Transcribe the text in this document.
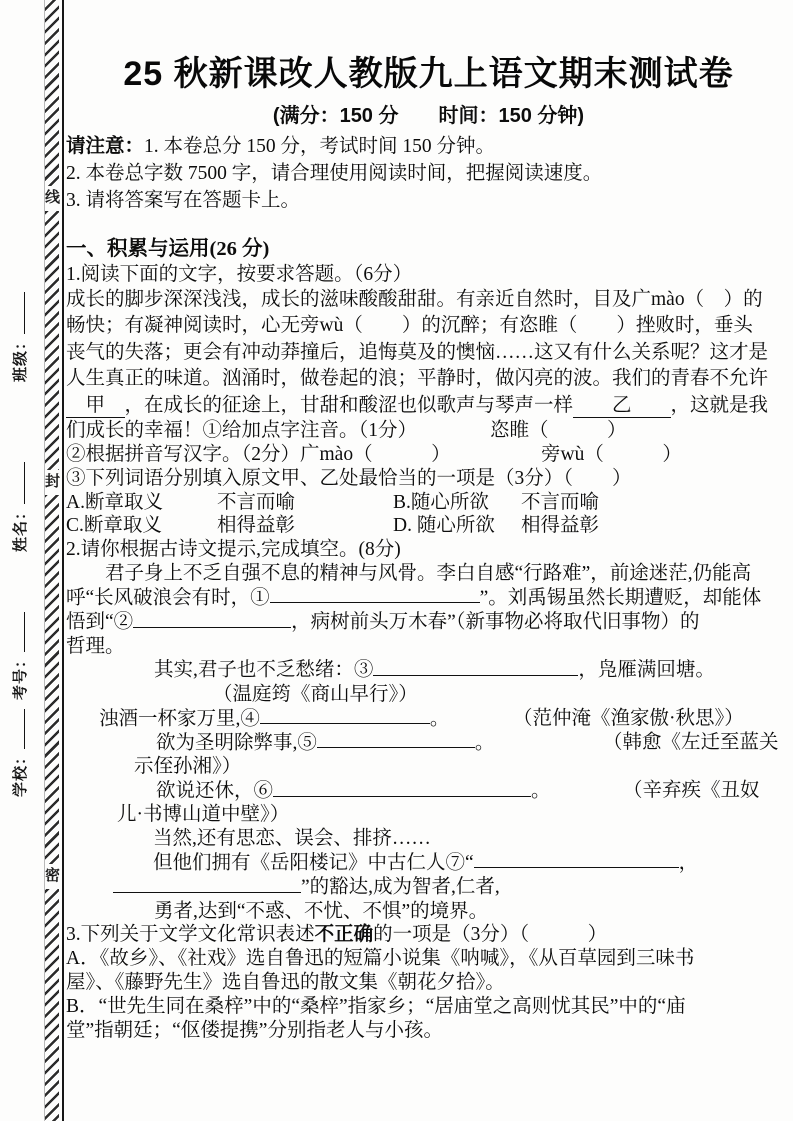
班级：
姓名：
考号：
学校：
线
封
密
25 秋新课改人教版九上语文期末测试卷
(满分：150 分　　时间：150 分钟)
请注意：1. 本卷总分 150 分，考试时间 150 分钟。
2. 本卷总字数 7500 字，请合理使用阅读时间，把握阅读速度。
3. 请将答案写在答题卡上。
一、积累与运用(26 分)
1.阅读下面的文字，按要求答题。（6分）
成长的脚步深深浅浅，成长的滋味酸酸甜甜。有亲近自然时，目及广mào（　）的
畅快；有凝神阅读时，心无旁wù（　　）的沉醉；有恣睢（　　）挫败时，垂头
丧气的失落；更会有冲动莽撞后，追悔莫及的懊恼……这又有什么关系呢？这才是
人生真正的味道。汹涌时，做卷起的浪；平静时，做闪亮的波。我们的青春不允许
　甲　，在成长的征途上，甘甜和酸涩也似歌声与琴声一样　　乙　　，这就是我
们成长的幸福！①给加点字注音。（1分）	恣睢（　　　）
②根据拼音写汉字。（2分）广mào（　　　）	旁wù（　　　）
③下列词语分别填入原文甲、乙处最恰当的一项是（3分）（　　）
A.断章取义	不言而喻	B.随心所欲 不言而喻
C.断章取义	相得益彰	D. 随心所欲 相得益彰
2.请你根据古诗文提示,完成填空。(8分)
君子身上不乏自强不息的精神与风骨。李白自感“行路难”，前途迷茫,仍能高
呼“长风破浪会有时，①	”。刘禹锡虽然长期遭贬，却能体
悟到“②	，病树前头万木春”（新事物必将取代旧事物）的
哲理。
其实,君子也不乏愁绪：③	，凫雁满回塘。
（温庭筠《商山早行》）
浊酒一杯家万里,④	。	（范仲淹《渔家傲·秋思》）
欲为圣明除弊事,⑤	。	（韩愈《左迁至蓝关
示侄孙湘》）
欲说还休，⑥	。	（辛弃疾《丑奴
儿·书博山道中壁》）
当然,还有思恋、误会、排挤……
但他们拥有《岳阳楼记》中古仁人⑦“	，
”的豁达,成为智者,仁者,
勇者,达到“不惑、不忧、不惧”的境界。
3.下列关于文学文化常识表述不正确的一项是（3分）（　　　）
A．《故乡》、《社戏》选自鲁迅的短篇小说集《呐喊》，《从百草园到三味书
屋》、《藤野先生》选自鲁迅的散文集《朝花夕拾》。
B．“世先生同在桑梓”中的“桑梓”指家乡；“居庙堂之高则忧其民”中的“庙
堂”指朝廷；“伛偻提携”分别指老人与小孩。
